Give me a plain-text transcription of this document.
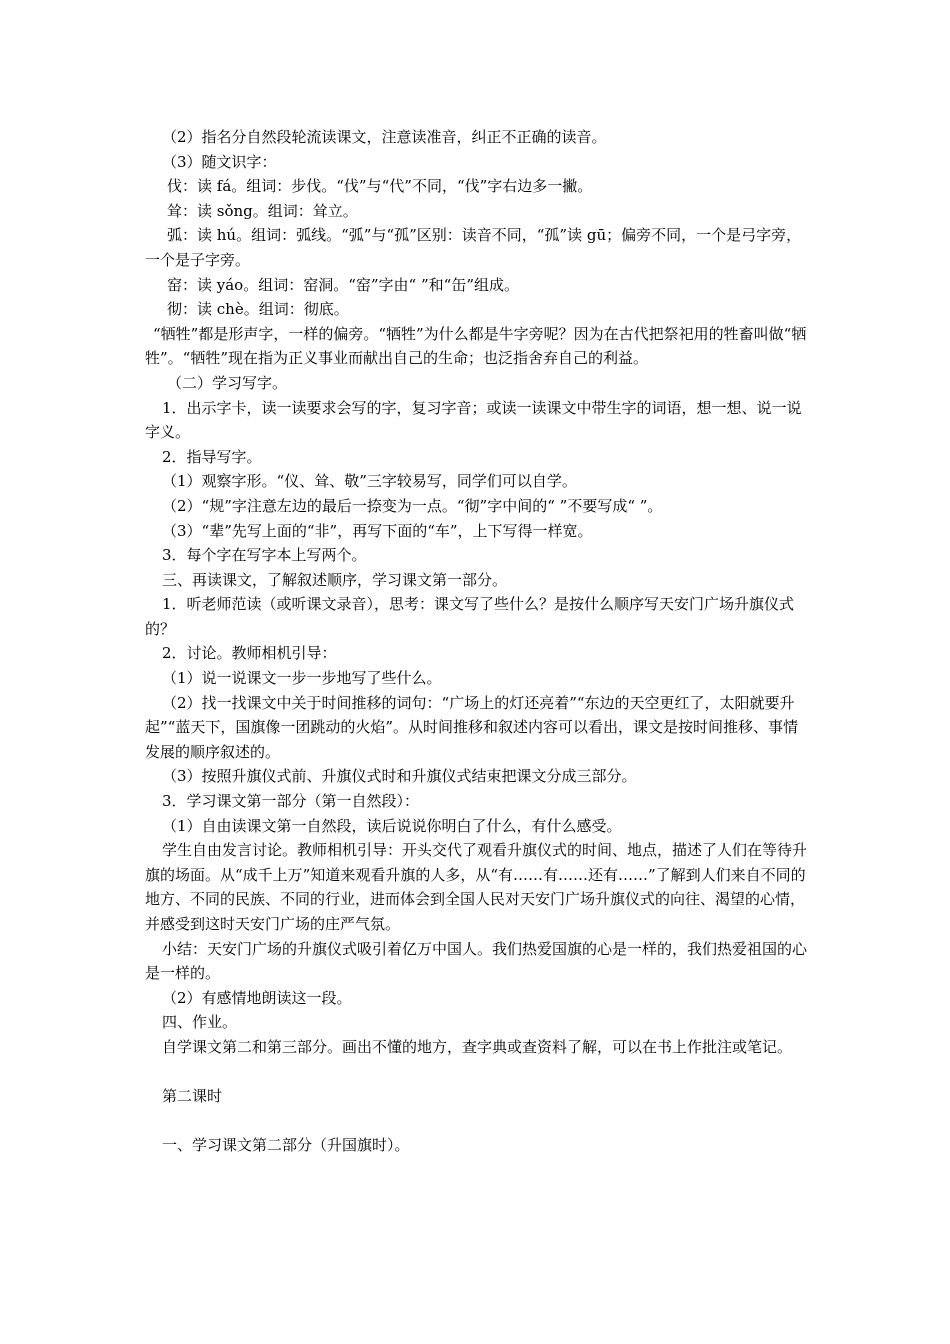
（2）指名分自然段轮流读课文，注意读准音，纠正不正确的读音。

（3）随文识字：

伐：读 fá。组词：步伐。“伐”与“代”不同，“伐”字右边多一撇。

耸：读 sǒng。组词：耸立。

弧：读 hú。组词：弧线。“弧”与“孤”区别：读音不同，“孤”读 gū；偏旁不同，一个是弓字旁，一个是子字旁。

窑：读 yáo。组词：窑洞。“窑”字由“ ”和“缶”组成。

彻：读 chè。组词：彻底。

“牺牲”都是形声字，一样的偏旁。“牺牲”为什么都是牛字旁呢？因为在古代把祭祀用的牲畜叫做“牺牲”。“牺牲”现在指为正义事业而献出自己的生命；也泛指舍弃自己的利益。

（二）学习写字。

1．出示字卡，读一读要求会写的字，复习字音；或读一读课文中带生字的词语，想一想、说一说字义。

2．指导写字。

（1）观察字形。“仪、耸、敬”三字较易写，同学们可以自学。

（2）“规”字注意左边的最后一捺变为一点。“彻”字中间的“ ”不要写成“ ”。

（3）“辈”先写上面的“非”，再写下面的“车”，上下写得一样宽。

3．每个字在写字本上写两个。

三、再读课文，了解叙述顺序，学习课文第一部分。

1．听老师范读（或听课文录音），思考：课文写了些什么？是按什么顺序写天安门广场升旗仪式的？

2．讨论。教师相机引导：

（1）说一说课文一步一步地写了些什么。

（2）找一找课文中关于时间推移的词句：“广场上的灯还亮着”“东边的天空更红了，太阳就要升起”“蓝天下，国旗像一团跳动的火焰”。从时间推移和叙述内容可以看出，课文是按时间推移、事情发展的顺序叙述的。

（3）按照升旗仪式前、升旗仪式时和升旗仪式结束把课文分成三部分。

3．学习课文第一部分（第一自然段）：

（1）自由读课文第一自然段，读后说说你明白了什么，有什么感受。

学生自由发言讨论。教师相机引导：开头交代了观看升旗仪式的时间、地点，描述了人们在等待升旗的场面。从“成千上万”知道来观看升旗的人多，从“有……有……还有……”了解到人们来自不同的地方、不同的民族、不同的行业，进而体会到全国人民对天安门广场升旗仪式的向往、渴望的心情，并感受到这时天安门广场的庄严气氛。

小结：天安门广场的升旗仪式吸引着亿万中国人。我们热爱国旗的心是一样的，我们热爱祖国的心是一样的。

（2）有感情地朗读这一段。

四、作业。

自学课文第二和第三部分。画出不懂的地方，查字典或查资料了解，可以在书上作批注或笔记。

第二课时

一、学习课文第二部分（升国旗时）。
